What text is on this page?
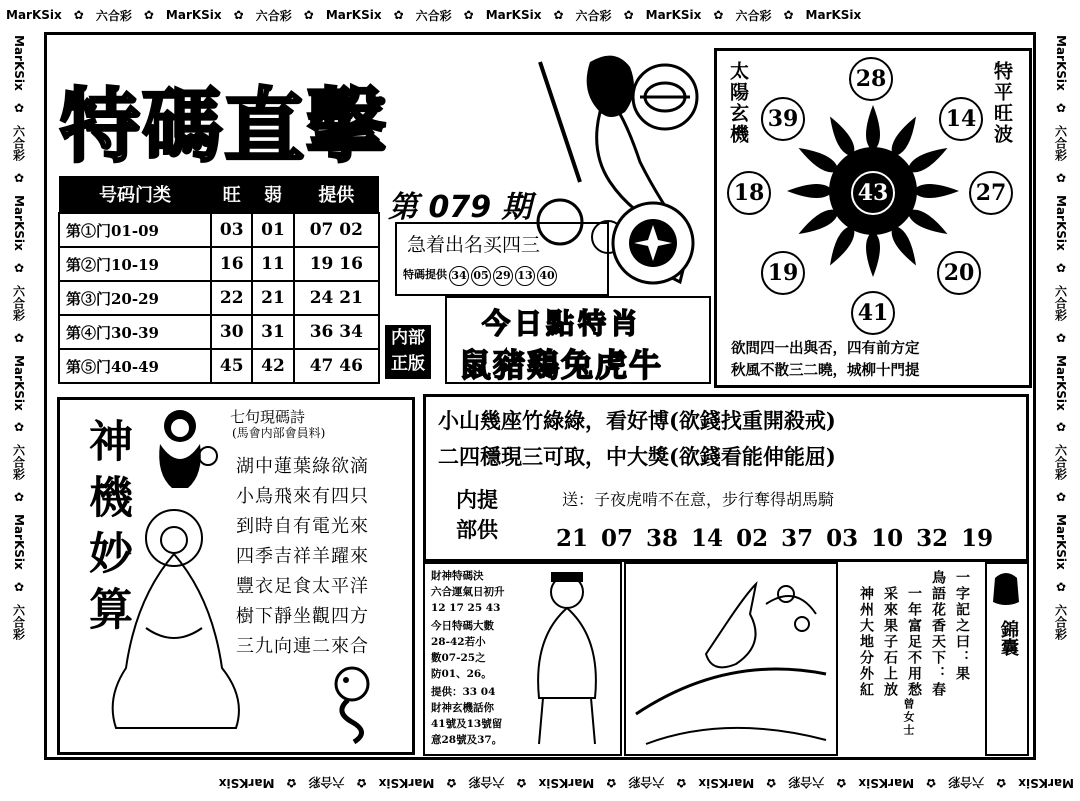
MarKSix ✿ 六合彩 ✿ MarKSix ✿ 六合彩 ✿ MarKSix ✿ 六合彩 ✿ MarKSix ✿ 六合彩 ✿ MarKSix ✿ 六合彩 ✿ MarKSix
MarKSix
✿
六合彩
✿
MarKSix
✿
六合彩
✿
MarKSix
✿
六合彩
✿
MarKSix
✿
六合彩
✿
MarKSix
✿
六合彩
✿
MarKSix
MarKSix
✿
六合彩
✿
MarKSix
✿
六合彩
✿
MarKSix
✿
六合彩
✿
MarKSix
✿
六合彩
MarKSix
✿
六合彩
✿
MarKSix
✿
六合彩
✿
MarKSix
✿
六合彩
✿
MarKSix
✿
六合彩
特碼直擊
号码门类	旺	弱	提供
第①门01-09	03	01	07 02
第②门10-19	16	11	19 16
第③门20-29	22	21	24 21
第④门30-39	30	31	36 34
第⑤门40-49	45	42	47 46
第 079 期
急着出名买四三
特碼提供 34 05 29 13 40
内部
正版
今日點特肖
鼠豬鷄兔虎牛
太陽玄機	特平旺波
43
28
39	14
18	27
19	20
41
欲問四一出與否，四有前方定
秋風不散三二曉，城柳十門提
神機妙算
七句現碼詩
(馬會内部會員料)
湖中蓮葉綠欲滴
小鳥飛來有四只
到時自有電光來
四季吉祥羊躍來
豐衣足食太平洋
樹下靜坐觀四方
三九向連二來合
小山幾座竹綠綠，看好博(欲錢找重開殺戒)
二四穩現三可取，中大獎(欲錢看能伸能屈)
内提
部供
送：子夜虎啃不在意，步行奪得胡馬騎
21 07 38 14 02 37 03 10 32 19
財神特碼決
六合運氣日初升
12 17 25 43
今日特碼大數
28-42若小
數07-25之
防01、26。
提供：33 04
財神玄機話你
41號及13號留
意28號及37。
一字記之曰：果
鳥語花香天下：春
一年富足不用愁
采來果子石上放
神州大地分外紅
曾女士
錦囊
